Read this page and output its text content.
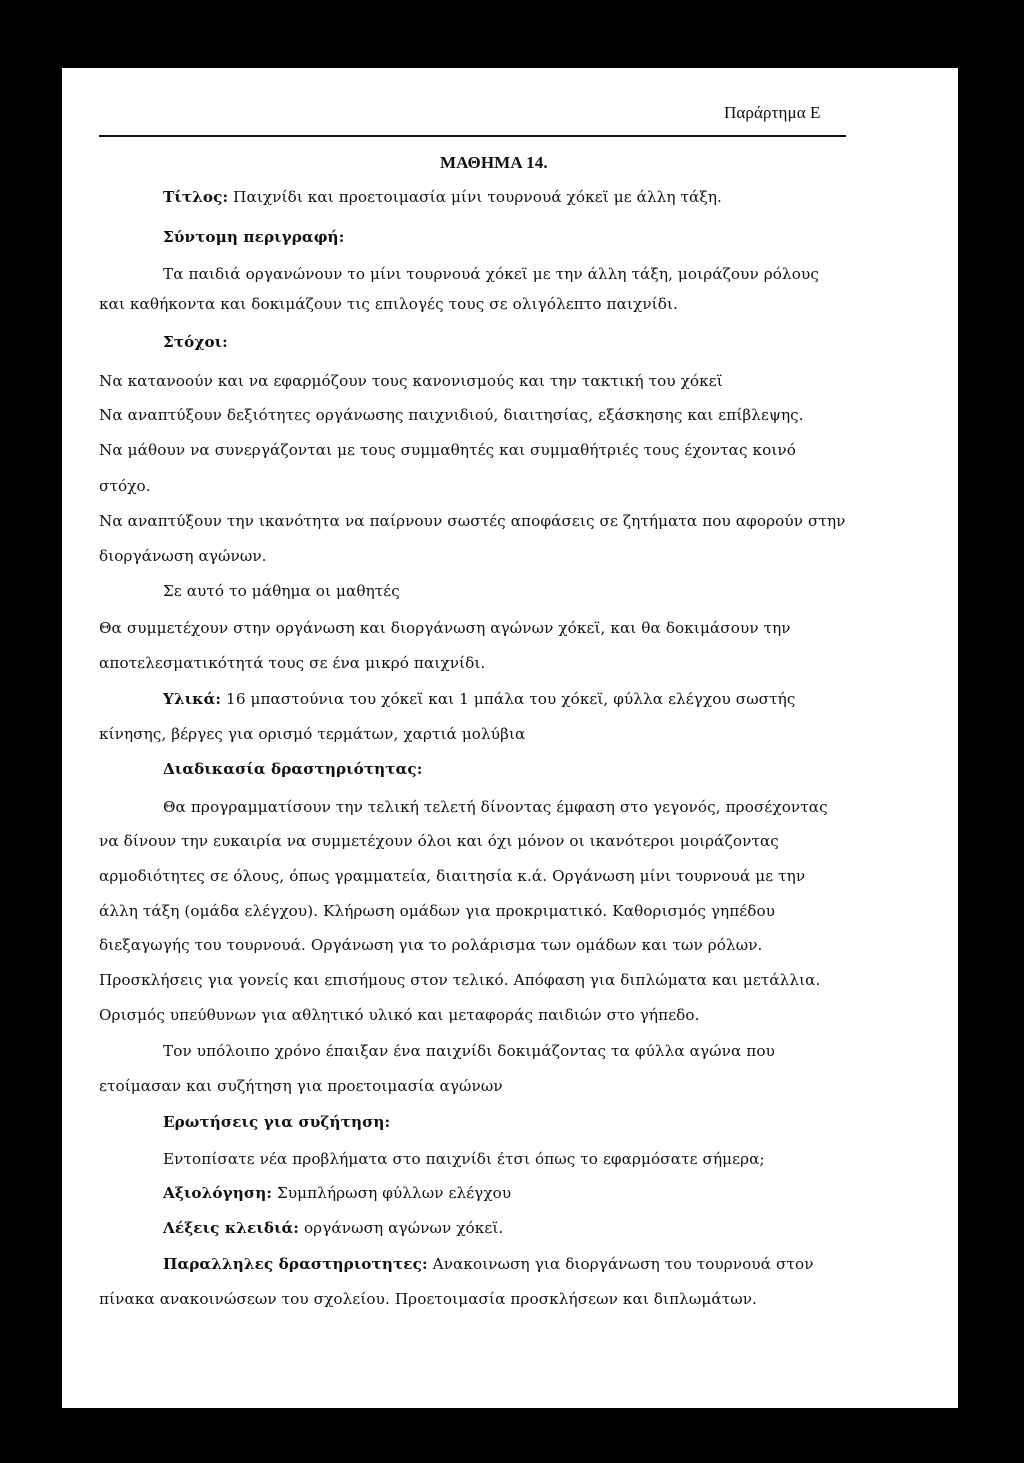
Παράρτημα Ε
ΜΑΘΗΜΑ 14.
Τίτλος: Παιχνίδι και προετοιμασία μίνι τουρνουά χόκεϊ με άλλη τάξη.
Σύντομη περιγραφή:
Τα παιδιά οργανώνουν το μίνι τουρνουά χόκεϊ με την άλλη τάξη, μοιράζουν ρόλους
και καθήκοντα και δοκιμάζουν τις επιλογές τους σε ολιγόλεπτο παιχνίδι.
Στόχοι:
Να κατανοούν και να εφαρμόζουν τους κανονισμούς και την τακτική του χόκεϊ
Να αναπτύξουν δεξιότητες οργάνωσης παιχνιδιού, διαιτησίας, εξάσκησης και επίβλεψης.
Να μάθουν να συνεργάζονται με τους συμμαθητές και συμμαθήτριές τους έχοντας κοινό
στόχο.
Να αναπτύξουν την ικανότητα να παίρνουν σωστές αποφάσεις σε ζητήματα που αφορούν στην
διοργάνωση αγώνων.
Σε αυτό το μάθημα οι μαθητές
Θα συμμετέχουν στην οργάνωση και διοργάνωση αγώνων χόκεϊ, και θα δοκιμάσουν την
αποτελεσματικότητά τους σε ένα μικρό παιχνίδι.
Υλικά: 16 μπαστούνια του χόκεϊ και 1 μπάλα του χόκεϊ, φύλλα ελέγχου σωστής
κίνησης, βέργες για ορισμό τερμάτων, χαρτιά μολύβια
Διαδικασία δραστηριότητας:
Θα προγραμματίσουν την τελική τελετή δίνοντας έμφαση στο γεγονός, προσέχοντας
να δίνουν την ευκαιρία να συμμετέχουν όλοι και όχι μόνον οι ικανότεροι μοιράζοντας
αρμοδιότητες σε όλους, όπως γραμματεία, διαιτησία κ.ά. Οργάνωση μίνι τουρνουά με την
άλλη τάξη (ομάδα ελέγχου). Κλήρωση ομάδων για προκριματικό. Καθορισμός γηπέδου
διεξαγωγής του τουρνουά. Οργάνωση για το ρολάρισμα των ομάδων και των ρόλων.
Προσκλήσεις για γονείς και επισήμους στον τελικό. Απόφαση για διπλώματα και μετάλλια.
Ορισμός υπεύθυνων για αθλητικό υλικό και μεταφοράς παιδιών στο γήπεδο.
Τον υπόλοιπο χρόνο έπαιξαν ένα παιχνίδι δοκιμάζοντας τα φύλλα αγώνα που
ετοίμασαν και συζήτηση για προετοιμασία αγώνων
Ερωτήσεις για συζήτηση:
Εντοπίσατε νέα προβλήματα στο παιχνίδι έτσι όπως το εφαρμόσατε σήμερα;
Αξιολόγηση: Συμπλήρωση φύλλων ελέγχου
Λέξεις κλειδιά: οργάνωση αγώνων χόκεϊ.
Παραλληλες δραστηριοτητες: Ανακοινωση για διοργάνωση του τουρνουά στον
πίνακα ανακοινώσεων του σχολείου. Προετοιμασία προσκλήσεων και διπλωμάτων.
